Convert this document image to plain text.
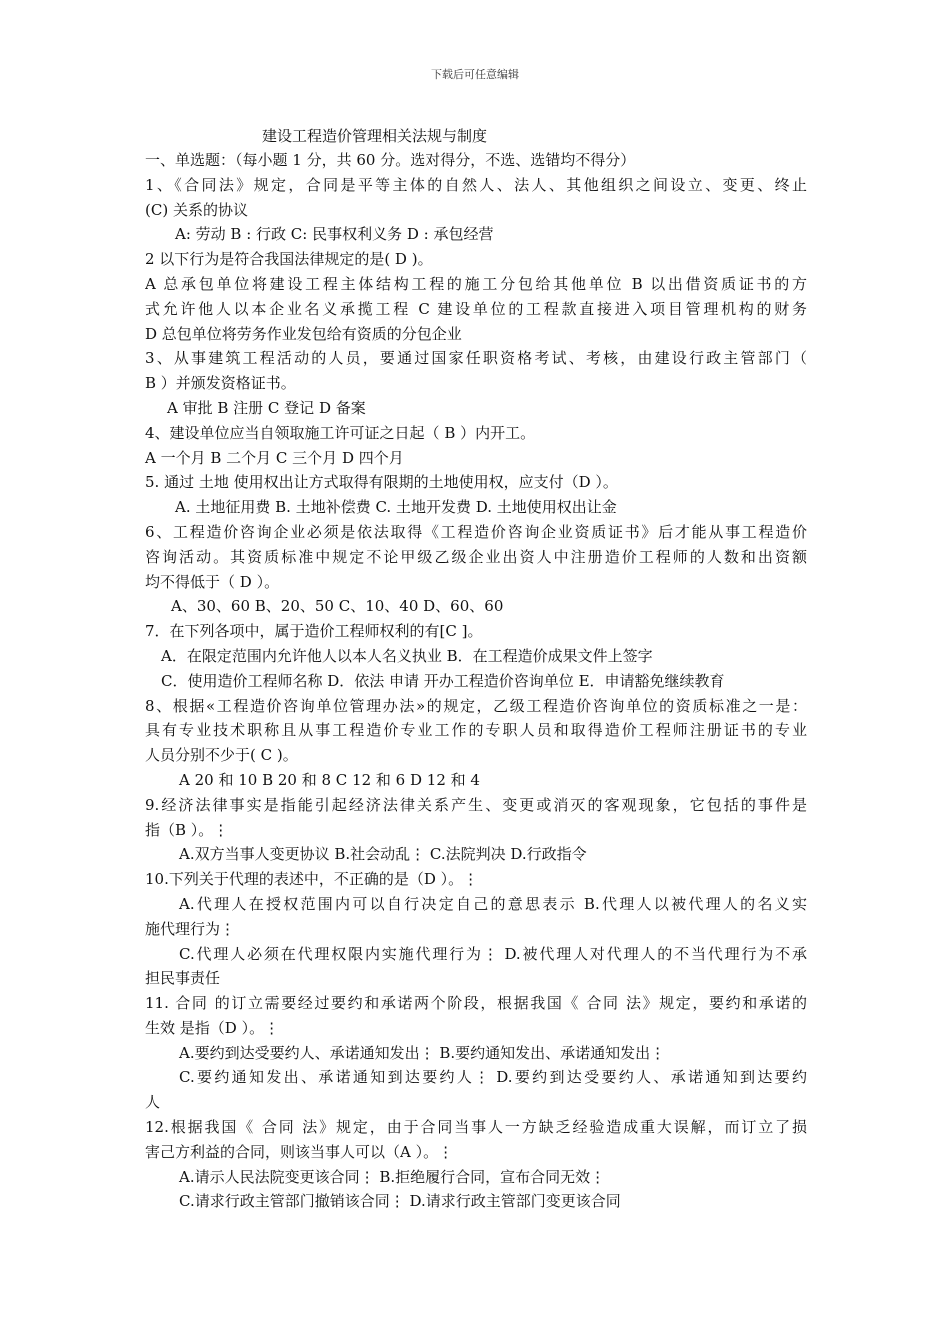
下载后可任意编辑
建设工程造价管理相关法规与制度
一、单选题：（每小题 1 分，共 60 分。选对得分，不选、选错均不得分）
1、《合同法》规定，合同是平等主体的自然人、法人、其他组织之间设立、变更、终止
(C) 关系的协议
A: 劳动 B : 行政 C: 民事权利义务 D : 承包经营
2 以下行为是符合我国法律规定的是( D )。
A 总承包单位将建设工程主体结构工程的施工分包给其他单位 B 以出借资质证书的方
式允许他人以本企业名义承揽工程 C 建设单位的工程款直接进入项目管理机构的财务
D 总包单位将劳务作业发包给有资质的分包企业
3、从事建筑工程活动的人员，要通过国家任职资格考试、考核，由建设行政主管部门（
B ）并颁发资格证书。
A 审批 B 注册 C 登记 D 备案
4、建设单位应当自领取施工许可证之日起（ B ）内开工。
A 一个月 B 二个月 C 三个月 D 四个月
5. 通过 土地 使用权出让方式取得有限期的土地使用权，应支付（D ）。
A. 土地征用费 B. 土地补偿费 C. 土地开发费 D. 土地使用权出让金
6、工程造价咨询企业必须是依法取得《工程造价咨询企业资质证书》后才能从事工程造价
咨询活动。其资质标准中规定不论甲级乙级企业出资人中注册造价工程师的人数和出资额
均不得低于（ D ）。
A、30、60 B、20、50 C、10、40 D、60、60
7．在下列各项中，属于造价工程师权利的有[C ]。
A．在限定范围内允许他人以本人名义执业 B．在工程造价成果文件上签字
C．使用造价工程师名称 D．依法 申请 开办工程造价咨询单位 E．申请豁免继续教育
8、根据«工程造价咨询单位管理办法»的规定，乙级工程造价咨询单位的资质标准之一是：
具有专业技术职称且从事工程造价专业工作的专职人员和取得造价工程师注册证书的专业
人员分别不少于( C )。
A 20 和 10 B 20 和 8 C 12 和 6 D 12 和 4
9.经济法律事实是指能引起经济法律关系产生、变更或消灭的客观现象，它包括的事件是
指（B ）。⋮
A.双方当事人变更协议 B.社会动乱⋮ C.法院判决 D.行政指令
10.下列关于代理的表述中，不正确的是（D ）。⋮
A.代理人在授权范围内可以自行决定自己的意思表示 B.代理人以被代理人的名义实
施代理行为⋮
C.代理人必须在代理权限内实施代理行为⋮ D.被代理人对代理人的不当代理行为不承
担民事责任
11. 合同 的订立需要经过要约和承诺两个阶段，根据我国《 合同 法》规定，要约和承诺的
生效 是指（D ）。⋮
A.要约到达受要约人、承诺通知发出⋮ B.要约通知发出、承诺通知发出⋮
C.要约通知发出、承诺通知到达要约人⋮ D.要约到达受要约人、承诺通知到达要约
人
12.根据我国《 合同 法》规定，由于合同当事人一方缺乏经验造成重大误解，而订立了损
害己方利益的合同，则该当事人可以（A ）。⋮
A.请示人民法院变更该合同⋮ B.拒绝履行合同，宣布合同无效⋮
C.请求行政主管部门撤销该合同⋮ D.请求行政主管部门变更该合同
